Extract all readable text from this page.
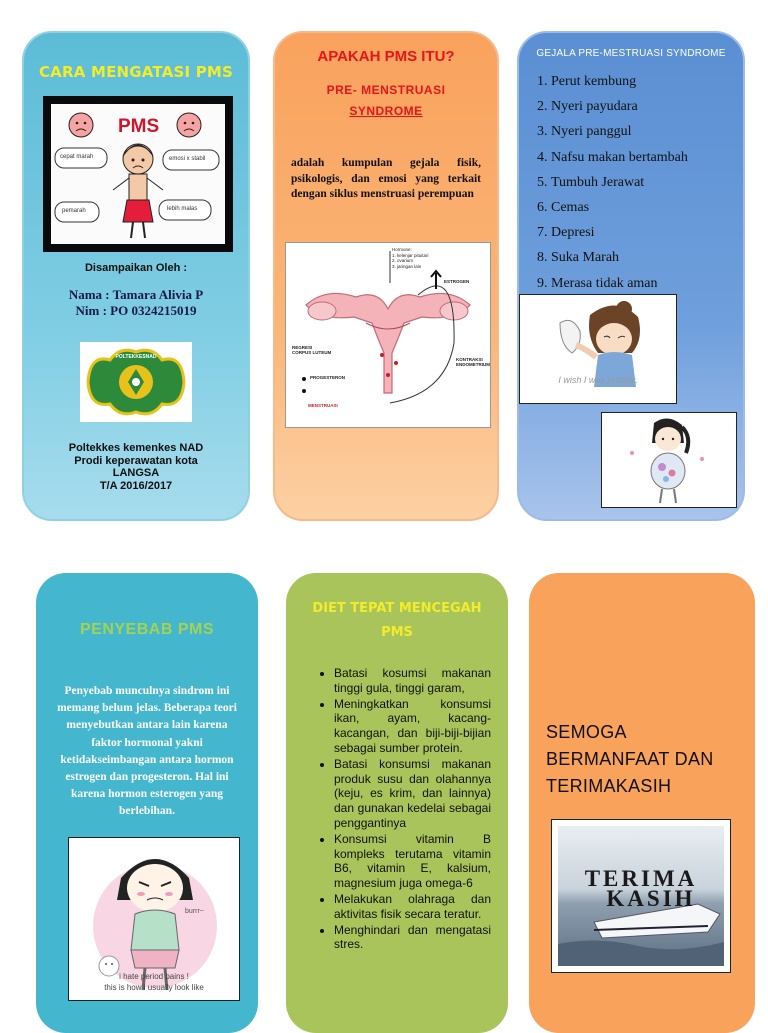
CARA MENGATASI PMS
PMS
cepat marah	emosi x stabil
pemarah	lebih malas
Disampaikan Oleh :
Nama : Tamara Alivia P
Nim : PO 0324215019
POLTEKKESNAD
Poltekkes kemenkes NAD
Prodi keperawatan kota
LANGSA
T/A 2016/2017
APAKAH PMS ITU?
PRE- MENSTRUASI
SYNDROME
adalah kumpulan gejala fisik, psikologis, dan emosi yang terkait dengan siklus menstruasi perempuan
Hormone:
1. kelenjar pituitari
2. ovarium
3. jaringan lain
ESTROGEN
REGRESI CORPUS LUTEUM
PROGESTERON
KONTRAKSI ENDOMETRIUM
MENSTRUASI
GEJALA PRE-MESTRUASI SYNDROME
1. Perut kembung
2. Nyeri payudara
3. Nyeri panggul
4. Nafsu makan bertambah
5. Tumbuh Jerawat
6. Cemas
7. Depresi
8. Suka Marah
9. Merasa tidak aman
I wish I was prettier.
PENYEBAB PMS
Penyebab munculnya sindrom ini memang belum jelas. Beberapa teori menyebutkan antara lain karena faktor hormonal yakni ketidakseimbangan antara hormon estrogen dan progesteron. Hal ini karena hormon esterogen yang berlebihan.
burrr~
i hate period pains !
this is how i usually look like
DIET TEPAT MENCEGAH
PMS
• Batasi kosumsi makanan tinggi gula, tinggi garam,
• Meningkatkan konsumsi ikan, ayam, kacang-kacangan, dan biji-biji-bijian sebagai sumber protein.
• Batasi konsumsi makanan produk susu dan olahannya (keju, es krim, dan lainnya) dan gunakan kedelai sebagai penggantinya
• Konsumsi vitamin B kompleks terutama vitamin B6, vitamin E, kalsium, magnesium juga omega-6
• Melakukan olahraga dan aktivitas fisik secara teratur.
• Menghindari dan mengatasi stres.
SEMOGA BERMANFAAT DAN TERIMAKASIH
TERIMA
KASIH
